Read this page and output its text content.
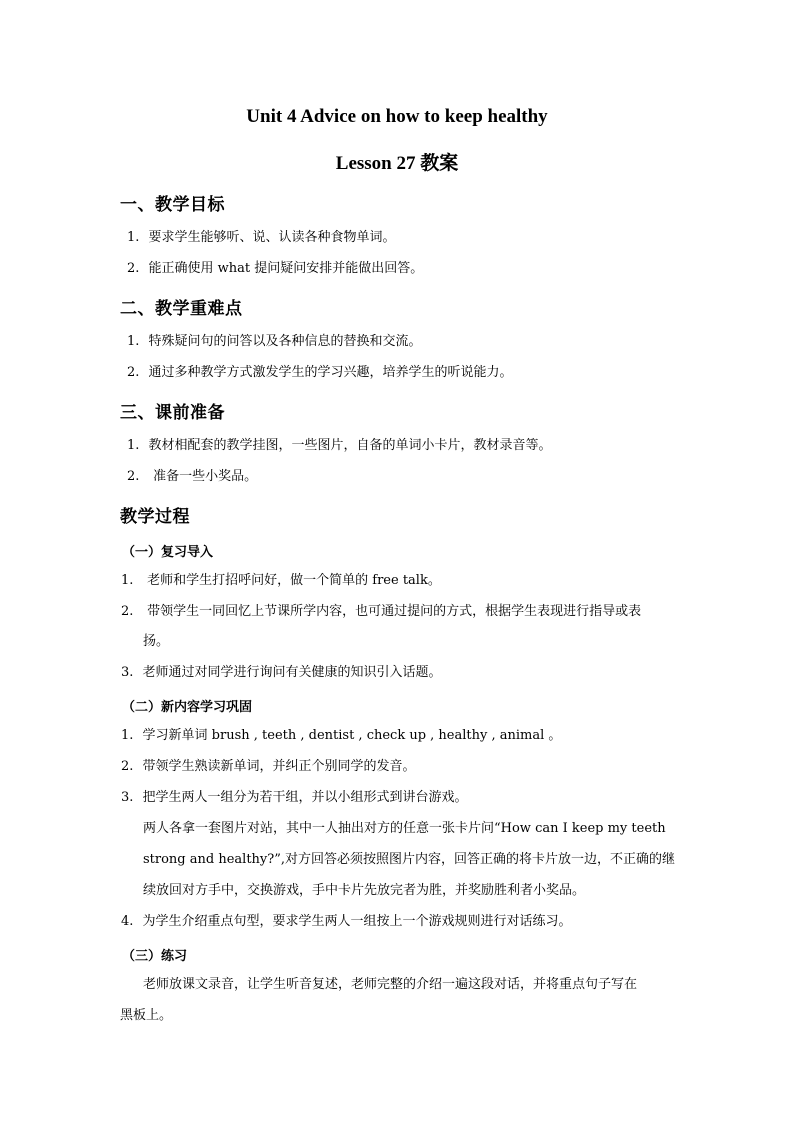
Unit 4 Advice on how to keep healthy
Lesson 27 教案
一、教学目标
1. 要求学生能够听、说、认读各种食物单词。
2. 能正确使用 what 提问疑问安排并能做出回答。
二、教学重难点
1. 特殊疑问句的问答以及各种信息的替换和交流。
2. 通过多种教学方式激发学生的学习兴趣，培养学生的听说能力。
三、课前准备
1. 教材相配套的教学挂图，一些图片，自备的单词小卡片，教材录音等。
2. 准备一些小奖品。
教学过程
（一）复习导入
1. 老师和学生打招呼问好，做一个简单的 free talk。
2. 带领学生一同回忆上节课所学内容，也可通过提问的方式，根据学生表现进行指导或表
扬。
3. 老师通过对同学进行询问有关健康的知识引入话题。
（二）新内容学习巩固
1. 学习新单词 brush , teeth , dentist , check up , healthy , animal 。
2. 带领学生熟读新单词，并纠正个别同学的发音。
3. 把学生两人一组分为若干组，并以小组形式到讲台游戏。
两人各拿一套图片对站，其中一人抽出对方的任意一张卡片问“How can I keep my teeth
strong and healthy?”,对方回答必须按照图片内容，回答正确的将卡片放一边，不正确的继
续放回对方手中，交换游戏，手中卡片先放完者为胜，并奖励胜利者小奖品。
4. 为学生介绍重点句型，要求学生两人一组按上一个游戏规则进行对话练习。
（三）练习
老师放课文录音，让学生听音复述，老师完整的介绍一遍这段对话，并将重点句子写在
黑板上。
